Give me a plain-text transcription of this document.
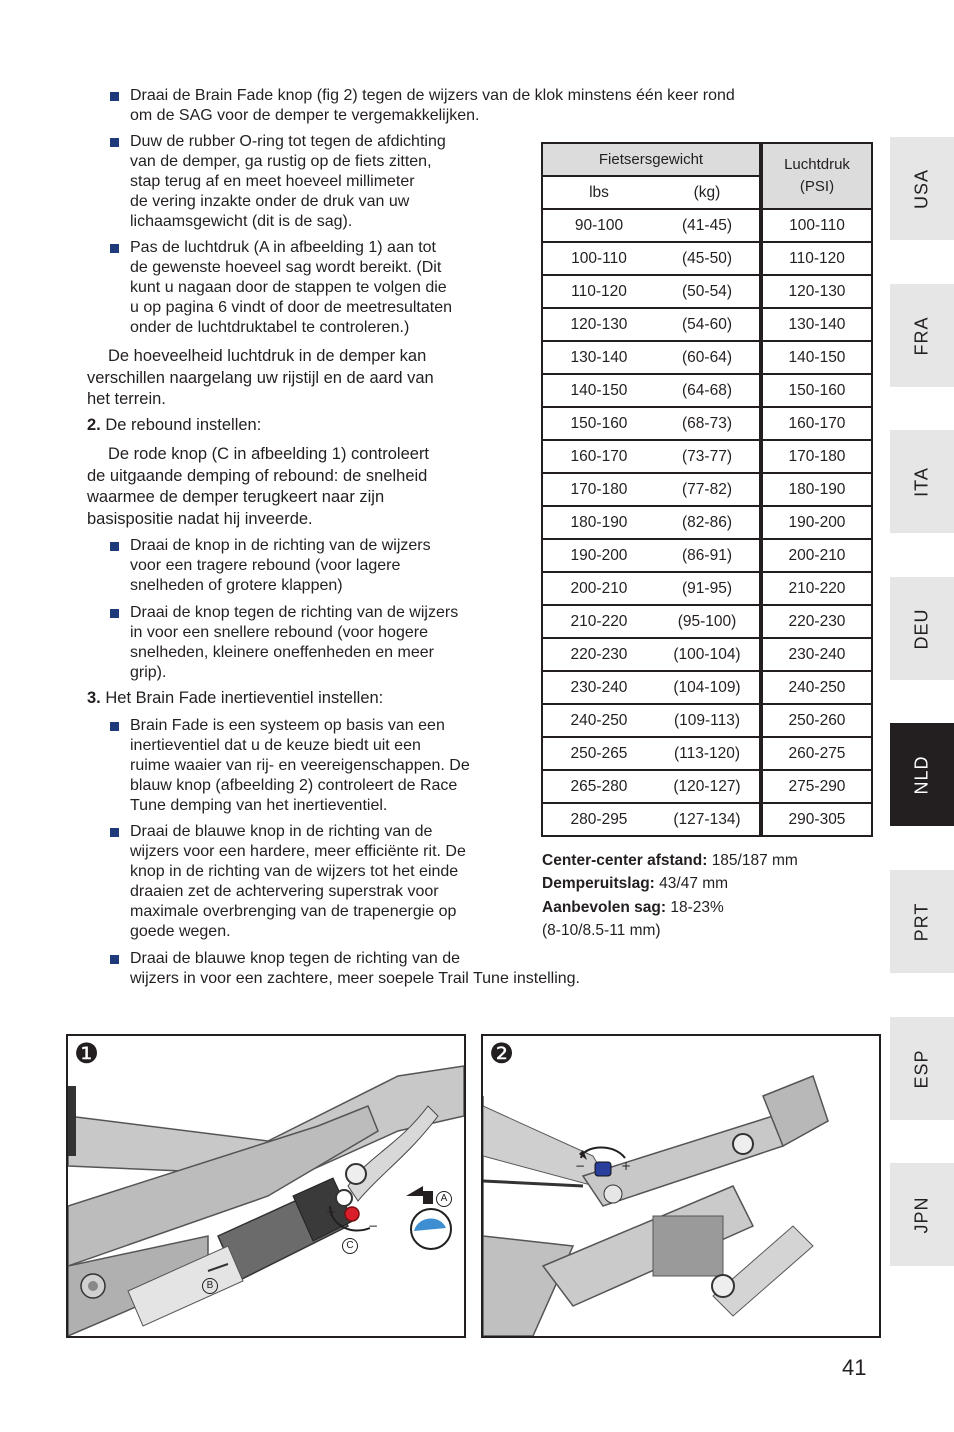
Draai de Brain Fade knop (fig 2) tegen de wijzers van de klok minstens één keer rond
om de SAG voor de demper te vergemakkelijken.
Duw de rubber O-ring tot tegen de afdichting
van de demper, ga rustig op de fiets zitten,
stap terug af en meet hoeveel millimeter
de vering inzakte onder de druk van uw
lichaamsgewicht (dit is de sag).
Pas de luchtdruk (A in afbeelding 1) aan tot
de gewenste hoeveel sag wordt bereikt. (Dit
kunt u nagaan door de stappen te volgen die
u op pagina 6 vindt of door de meetresultaten
onder de luchtdruktabel te controleren.)
De hoeveelheid luchtdruk in de demper kan
verschillen naargelang uw rijstijl en de aard van
het terrein.
2. De rebound instellen:
De rode knop (C in afbeelding 1) controleert
de uitgaande demping of rebound: de snelheid
waarmee de demper terugkeert naar zijn
basispositie nadat hij inveerde.
Draai de knop in de richting van de wijzers
voor een tragere rebound (voor lagere
snelheden of grotere klappen)
Draai de knop tegen de richting van de wijzers
in voor een snellere rebound (voor hogere
snelheden, kleinere oneffenheden en meer
grip).
3. Het Brain Fade inertieventiel instellen:
Brain Fade is een systeem op basis van een
inertieventiel dat u de keuze biedt uit een
ruime waaier van rij- en veereigenschappen. De
blauw knop (afbeelding 2) controleert de Race
Tune demping van het inertieventiel.
Draai de blauwe knop in de richting van de
wijzers voor een hardere, meer efficiënte rit. De
knop in de richting van de wijzers tot het einde
draaien zet de achtervering superstrak voor
maximale overbrenging van de trapenergie op
goede wegen.
Draai de blauwe knop tegen de richting van de
wijzers in voor een zachtere, meer soepele Trail Tune instelling.
Fietsersgewicht		Luchtdruk (PSI)
lbs	(kg)	
90-100	(41-45)	100-110
100-110	(45-50)	110-120
110-120	(50-54)	120-130
120-130	(54-60)	130-140
130-140	(60-64)	140-150
140-150	(64-68)	150-160
150-160	(68-73)	160-170
160-170	(73-77)	170-180
170-180	(77-82)	180-190
180-190	(82-86)	190-200
190-200	(86-91)	200-210
200-210	(91-95)	210-220
210-220	(95-100)	220-230
220-230	(100-104)	230-240
230-240	(104-109)	240-250
240-250	(109-113)	250-260
250-265	(113-120)	260-275
265-280	(120-127)	275-290
280-295	(127-134)	290-305
Center-center afstand: 185/187 mm
Demperuitslag: 43/47 mm
Aanbevolen sag: 18-23%
(8-10/8.5-11 mm)
USA
FRA
ITA
DEU
NLD
PRT
ESP
JPN
❶
+
−
A
C
B
❷
+
−
41
